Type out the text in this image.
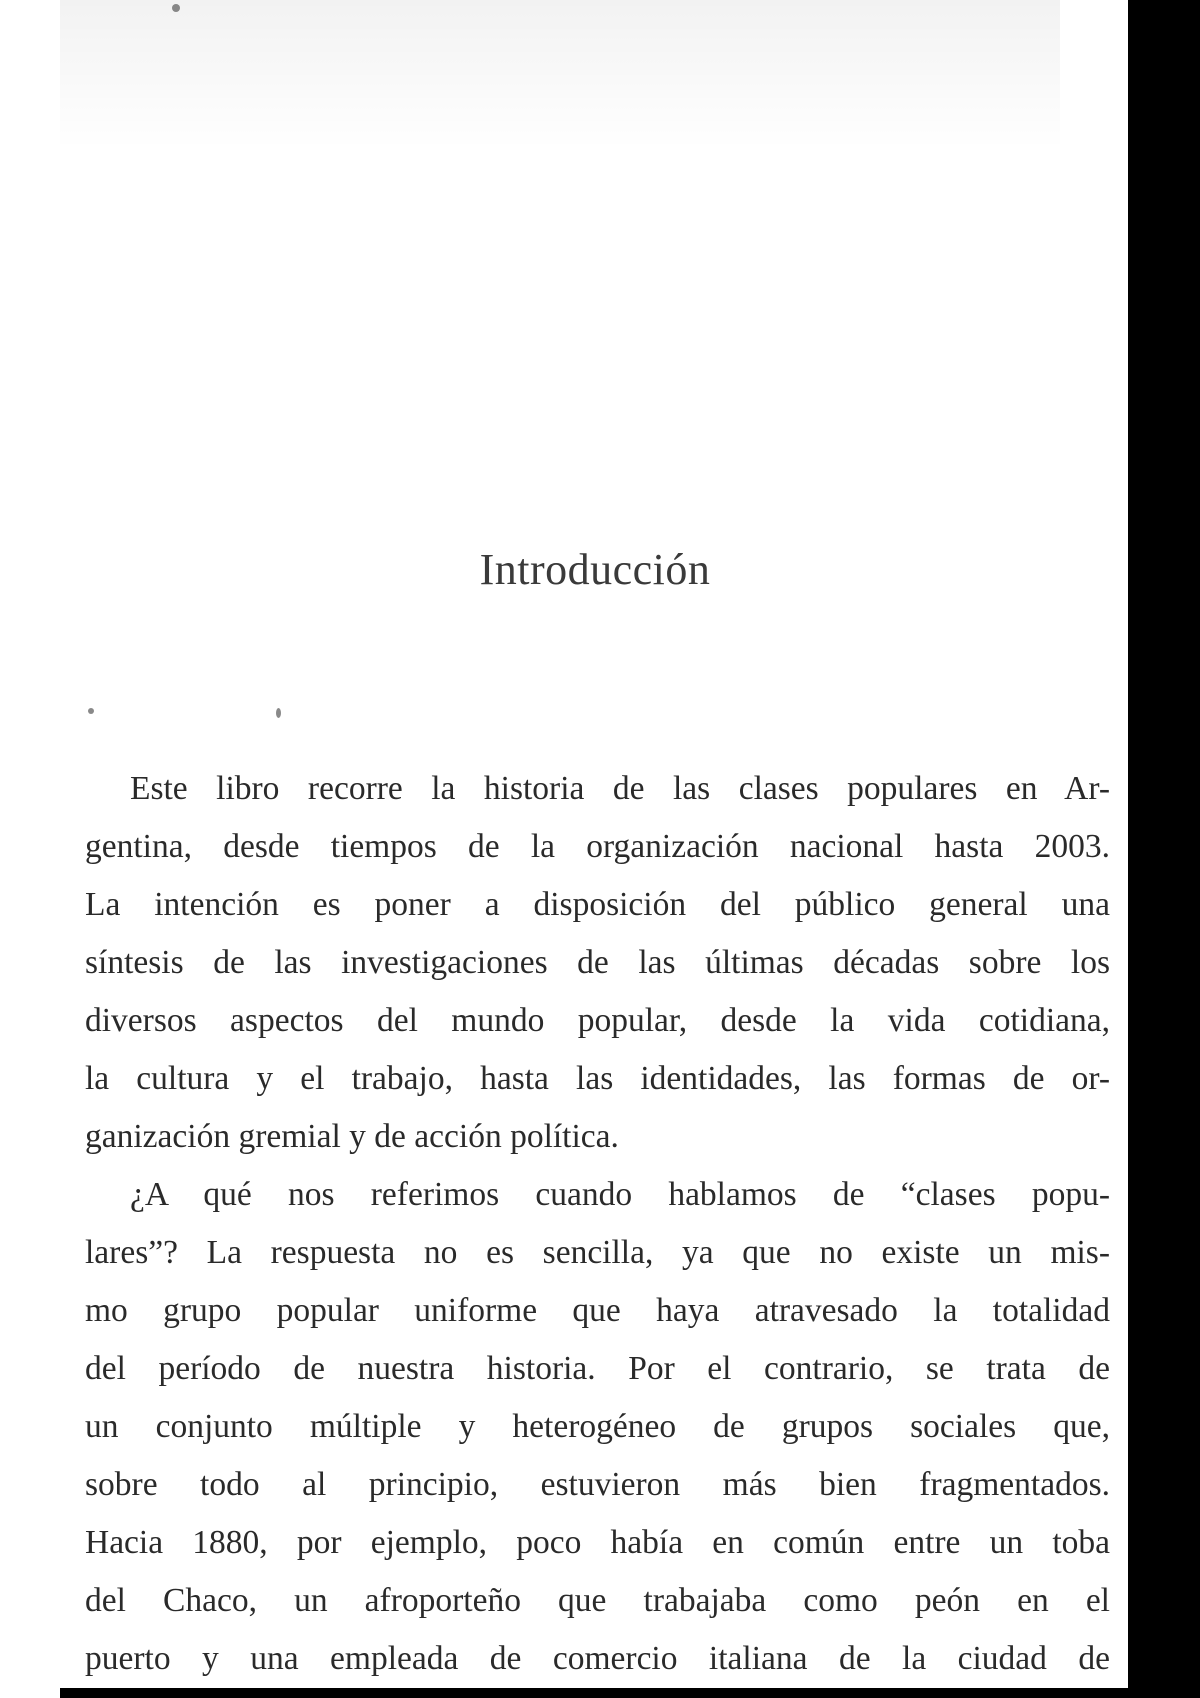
Introducción
Este libro recorre la historia de las clases populares en Ar-
gentina, desde tiempos de la organización nacional hasta 2003.
La intención es poner a disposición del público general una
síntesis de las investigaciones de las últimas décadas sobre los
diversos aspectos del mundo popular, desde la vida cotidiana,
la cultura y el trabajo, hasta las identidades, las formas de or-
ganización gremial y de acción política.
¿A qué nos referimos cuando hablamos de “clases popu-
lares”? La respuesta no es sencilla, ya que no existe un mis-
mo grupo popular uniforme que haya atravesado la totalidad
del período de nuestra historia. Por el contrario, se trata de
un conjunto múltiple y heterogéneo de grupos sociales que,
sobre todo al principio, estuvieron más bien fragmentados.
Hacia 1880, por ejemplo, poco había en común entre un toba
del Chaco, un afroporteño que trabajaba como peón en el
puerto y una empleada de comercio italiana de la ciudad de
